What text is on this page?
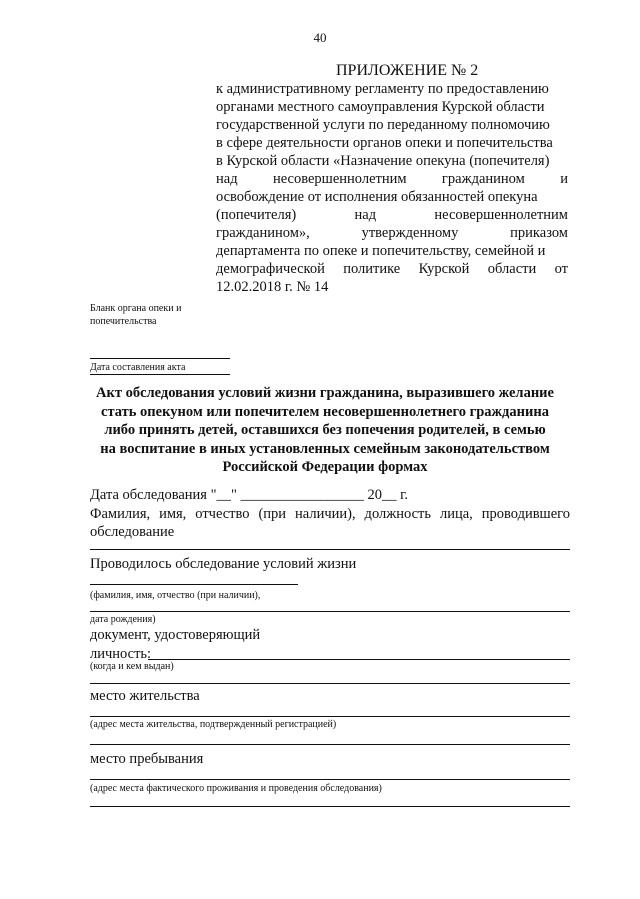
40
ПРИЛОЖЕНИЕ № 2
к административному регламенту по предоставлению
органами местного самоуправления Курской области
государственной услуги по переданному полномочию
в сфере деятельности органов опеки и попечительства
в Курской области «Назначение опекуна (попечителя)
над несовершеннолетним гражданином и
освобождение от исполнения обязанностей опекуна
(попечителя) над несовершеннолетним
гражданином», утвержденному приказом
департамента по опеке и попечительству, семейной и
демографической политике Курской области от
12.02.2018 г. № 14
Бланк органа опеки и
попечительства
Дата составления акта
Акт обследования условий жизни гражданина, выразившего желание
стать опекуном или попечителем несовершеннолетнего гражданина
либо принять детей, оставшихся без попечения родителей, в семью
на воспитание в иных установленных семейным законодательством
Российской Федерации формах
Дата обследования "__" _________________ 20__ г.
Фамилия, имя, отчество (при наличии), должность лица, проводившего
обследование
Проводилось обследование условий жизни
(фамилия, имя, отчество (при наличии),
дата рождения)
документ, удостоверяющий
личность:
(когда и кем выдан)
место жительства
(адрес места жительства, подтвержденный регистрацией)
место пребывания
(адрес места фактического проживания и проведения обследования)
